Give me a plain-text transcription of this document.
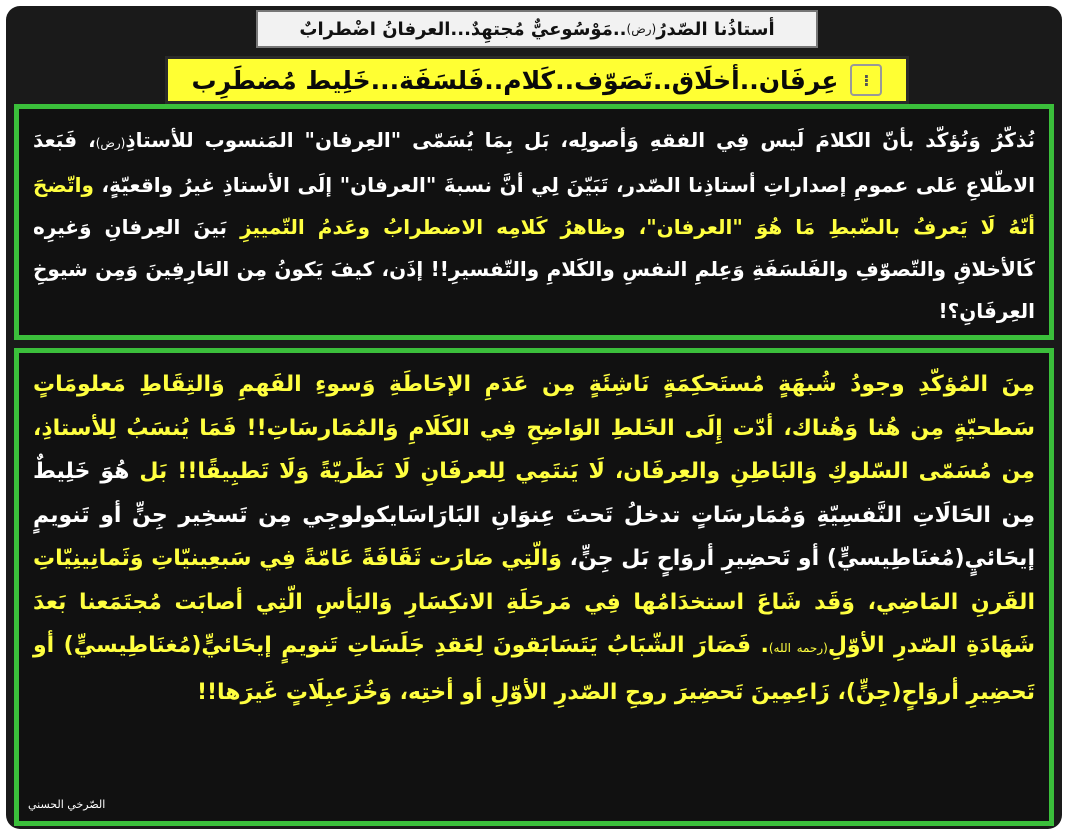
أستاذُنا الصّدرُ
(رض)
..مَوْسُوعيٌّ مُجتهِدٌ...العرفانُ اضْطرابٌ
⁝
عِرفَان..أخلَاق..تَصَوّف..كَلام..فَلسَفَة...خَلِيط مُضطَرِب

نُذكّرُ وَنُؤكّد بأنّ الكلامَ لَيس فِي الفقهِ وَأصولِه، بَل بِمَا يُسَمّى "العِرفان" المَنسوب للأستاذِ(رض)، فَبَعدَ الاطّلاعِ عَلى عمومِ إصداراتِ أستاذِنا الصّدر، تَبَيّنَ لِي أنَّ نسبةَ "العرفان" إلَى الأستاذِ غيرُ واقعيّةٍ، واتّضحَ أنّهُ لَا يَعرفُ بالضّبطِ مَا هُوَ "العرفان"، وظاهرُ كَلامِه الاضطرابُ وعَدمُ التّمييزِ بَينَ العِرفانِ وَغيرِه كَالأخلاقِ والتّصوّفِ والفَلسَفَةِ وَعِلمِ النفسِ والكَلامِ والتّفسيرِ!! إذَن، كيفَ يَكونُ مِن العَارِفِينَ وَمِن شيوخِ العِرفَانِ؟!

مِنَ المُؤكّدِ وجودُ شُبهَةٍ مُستَحكِمَةٍ نَاشِئَةٍ مِن عَدَمِ الإحَاطَةِ وَسوءِ الفَهمِ وَالتِقَاطِ مَعلومَاتٍ سَطحيّةٍ مِن هُنا وَهُناك، أدّت إِلَى الخَلطِ الوَاضِحِ فِي الكَلَامِ وَالمُمَارسَاتِ!! فَمَا يُنسَبُ لِلأستاذِ، مِن مُسَمّى السّلوكِ وَالبَاطِنِ والعِرفَان، لَا يَنتَمِي لِلعرفَانِ لَا نَظَريّةً وَلَا تَطبِيقًا!! بَل هُوَ خَلِيطٌ مِن الحَالَاتِ النَّفسِيّةِ وَمُمَارسَاتٍ تدخلُ تَحتَ عِنوَانِ البَارَاسَايكولوجِي مِن تَسخِير جِنٍّ أو تَنويمٍ إيحَائيٍ(مُغنَاطِيسيٍّ) أو تَحضِيرِ أروَاحٍ بَل جِنٍّ، وَالّتِي صَارَت ثَقَافَةً عَامّةً فِي سَبعِينيّاتِ وَثَمانِينِيّاتِ القَرنِ المَاضِي، وَقَد شَاعَ استخدَامُها فِي مَرحَلَةِ الانكِسَارِ وَاليَأسِ الّتِي أصابَت مُجتَمَعنا بَعدَ شَهَادَةِ الصّدرِ الأوّلِ(رحمه الله). فَصَارَ الشّبَابُ يَتَسَابَقونَ لِعَقدِ جَلَسَاتِ تَنويمٍ إيحَائيٍّ(مُغنَاطِيسيٍّ) أو تَحضِيرِ أروَاحٍ(جِنٍّ)، زَاعِمِينَ تَحضِيرَ روحِ الصّدرِ الأوّلِ أو أختِه، وَخُزَعبِلَاتٍ غَيرَها!!

الصّرخي الحسني
